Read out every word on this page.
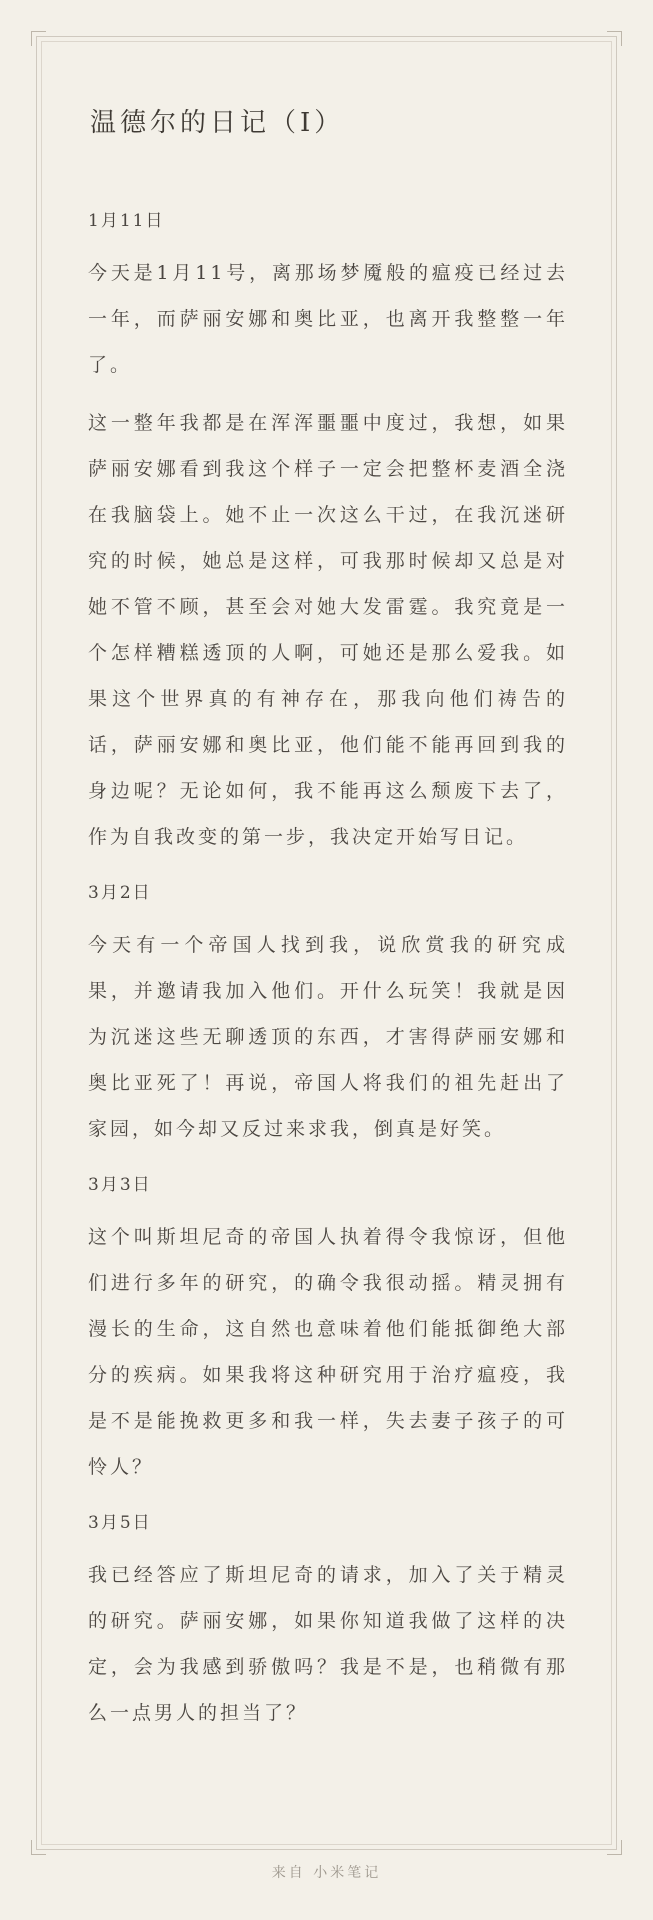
温德尔的日记（I）

1月11日

今天是1月11号，离那场梦魇般的瘟疫已经过去一年，而萨丽安娜和奥比亚，也离开我整整一年了。

这一整年我都是在浑浑噩噩中度过，我想，如果萨丽安娜看到我这个样子一定会把整杯麦酒全浇在我脑袋上。她不止一次这么干过，在我沉迷研究的时候，她总是这样，可我那时候却又总是对她不管不顾，甚至会对她大发雷霆。我究竟是一个怎样糟糕透顶的人啊，可她还是那么爱我。如果这个世界真的有神存在，那我向他们祷告的话，萨丽安娜和奥比亚，他们能不能再回到我的身边呢？无论如何，我不能再这么颓废下去了，作为自我改变的第一步，我决定开始写日记。

3月2日

今天有一个帝国人找到我，说欣赏我的研究成果，并邀请我加入他们。开什么玩笑！我就是因为沉迷这些无聊透顶的东西，才害得萨丽安娜和奥比亚死了！再说，帝国人将我们的祖先赶出了家园，如今却又反过来求我，倒真是好笑。

3月3日

这个叫斯坦尼奇的帝国人执着得令我惊讶，但他们进行多年的研究，的确令我很动摇。精灵拥有漫长的生命，这自然也意味着他们能抵御绝大部分的疾病。如果我将这种研究用于治疗瘟疫，我是不是能挽救更多和我一样，失去妻子孩子的可怜人？

3月5日

我已经答应了斯坦尼奇的请求，加入了关于精灵的研究。萨丽安娜，如果你知道我做了这样的决定，会为我感到骄傲吗？我是不是，也稍微有那么一点男人的担当了？

来自 小米笔记
